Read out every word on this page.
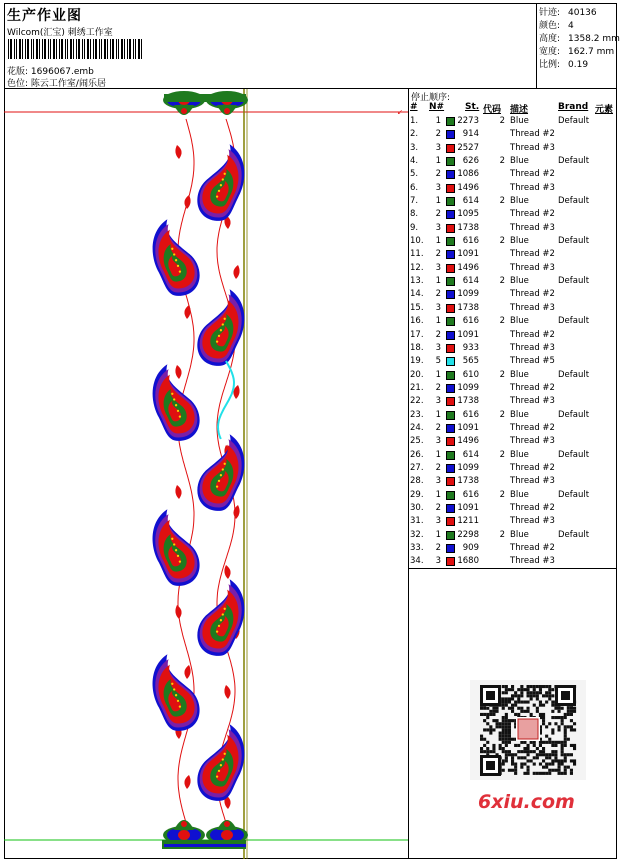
生产作业图
Wilcom(汇宝) 刺绣工作室
花版: 1696067.emb
色位: 陈云工作室/闹乐居
针迹: 40136
颜色: 4
高度: 1358.2 mm
宽度: 162.7 mm
比例: 0.19
↙
停止顺序:
# N# St. 代码 描述	Brand 元素
1.	1 2273	2 Blue	Default
2.	2	914	Thread #2
3.	3 2527	Thread #3
4.	1	626	2 Blue	Default
5.	2 1086	Thread #2
6.	3 1496	Thread #3
7.	1	614	2 Blue	Default
8.	2 1095	Thread #2
9.	3 1738	Thread #3
10.	1	616	2 Blue	Default
11.	2 1091	Thread #2
12.	3 1496	Thread #3
13.	1	614	2 Blue	Default
14.	2 1099	Thread #2
15.	3 1738	Thread #3
16.	1	616	2 Blue	Default
17.	2 1091	Thread #2
18.	3	933	Thread #3
19.	5	565	Thread #5
20.	1	610	2 Blue	Default
21.	2 1099	Thread #2
22.	3 1738	Thread #3
23.	1	616	2 Blue	Default
24.	2 1091	Thread #2
25.	3 1496	Thread #3
26.	1	614	2 Blue	Default
27.	2 1099	Thread #2
28.	3 1738	Thread #3
29.	1	616	2 Blue	Default
30.	2 1091	Thread #2
31.	3 1211	Thread #3
32.	1 2298	2 Blue	Default
33.	2	909	Thread #2
34.	3 1680	Thread #3
6xiu.com
